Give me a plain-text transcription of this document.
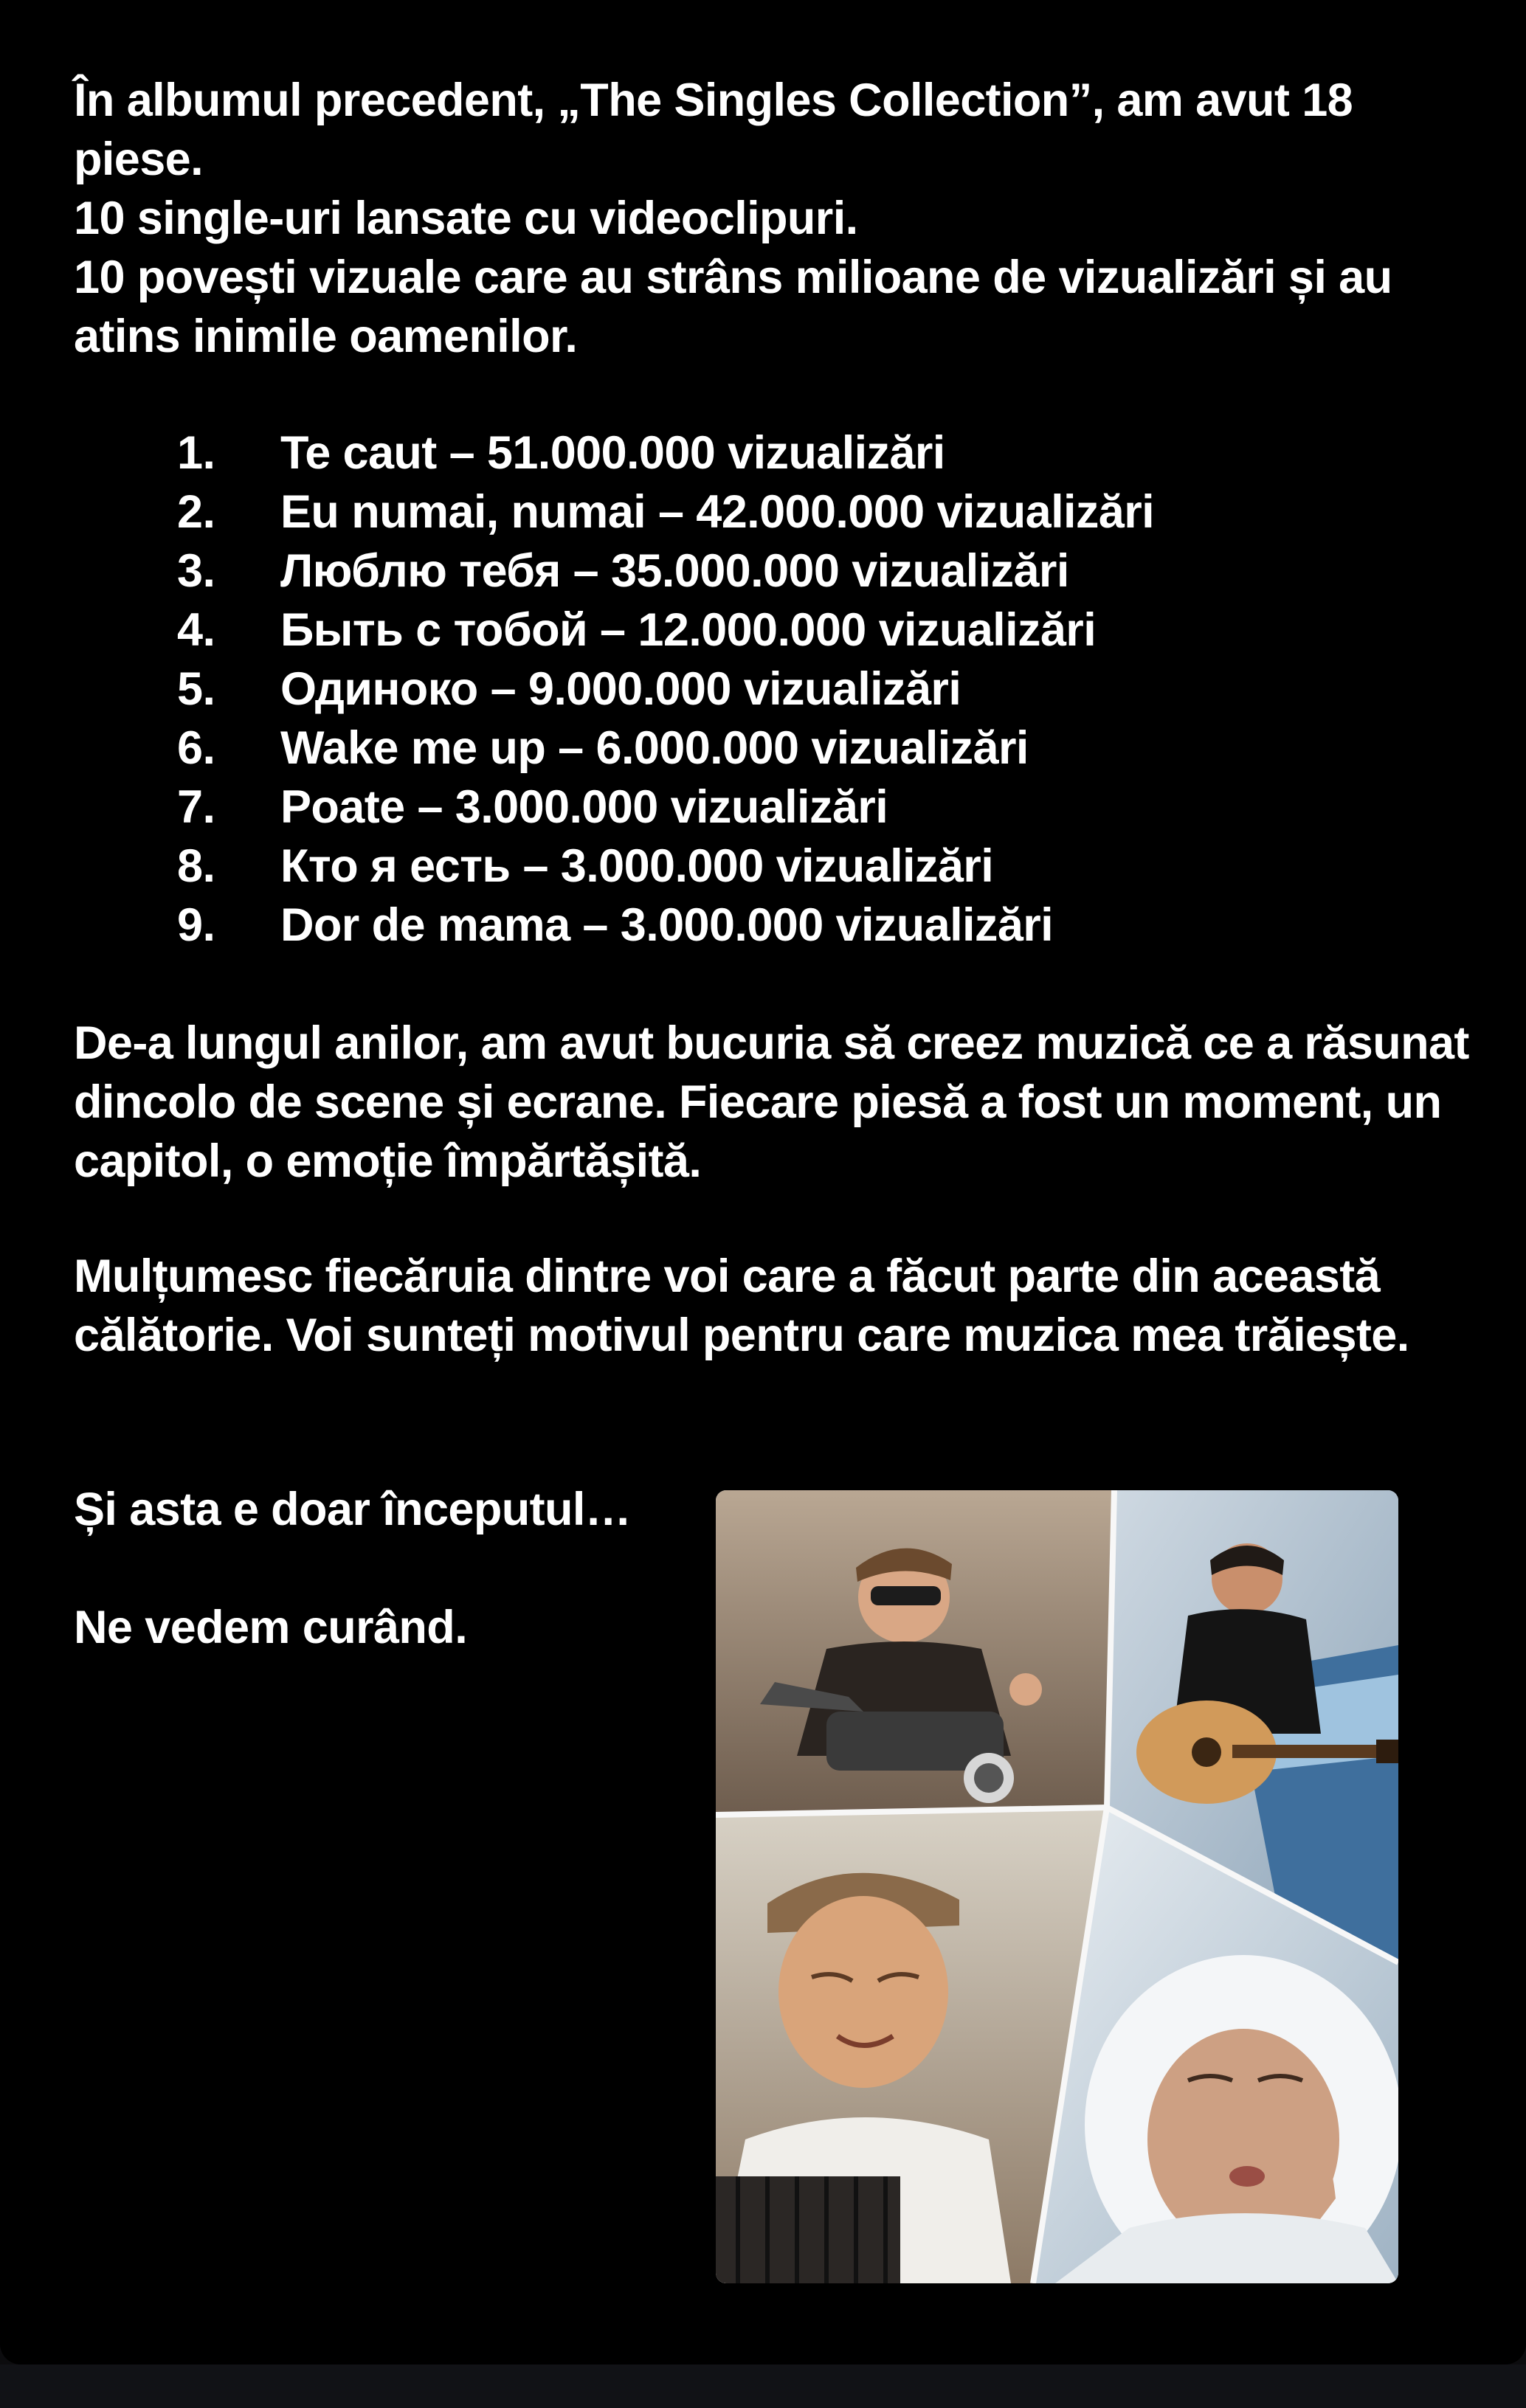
În albumul precedent, „The Singles Collection”, am avut 18 piese.

10 single-uri lansate cu videoclipuri.

10 povești vizuale care au strâns milioane de vizualizări și au atins inimile oamenilor.

1.	Te caut – 51.000.000 vizualizări
2.	Eu numai, numai – 42.000.000 vizualizări
3.	Люблю тебя – 35.000.000 vizualizări
4.	Быть с тобой – 12.000.000 vizualizări
5.	Одиноко – 9.000.000 vizualizări
6.	Wake me up – 6.000.000 vizualizări
7.	Poate – 3.000.000 vizualizări
8.	Кто я есть – 3.000.000 vizualizări
9.	Dor de mama – 3.000.000 vizualizări

De-a lungul anilor, am avut bucuria să creez muzică ce a răsunat dincolo de scene și ecrane. Fiecare piesă a fost un moment, un capitol, o emoție împărtășită.

Mulțumesc fiecăruia dintre voi care a făcut parte din această călătorie. Voi sunteți motivul pentru care muzica mea trăiește.

Și asta e doar începutul…

Ne vedem curând.
